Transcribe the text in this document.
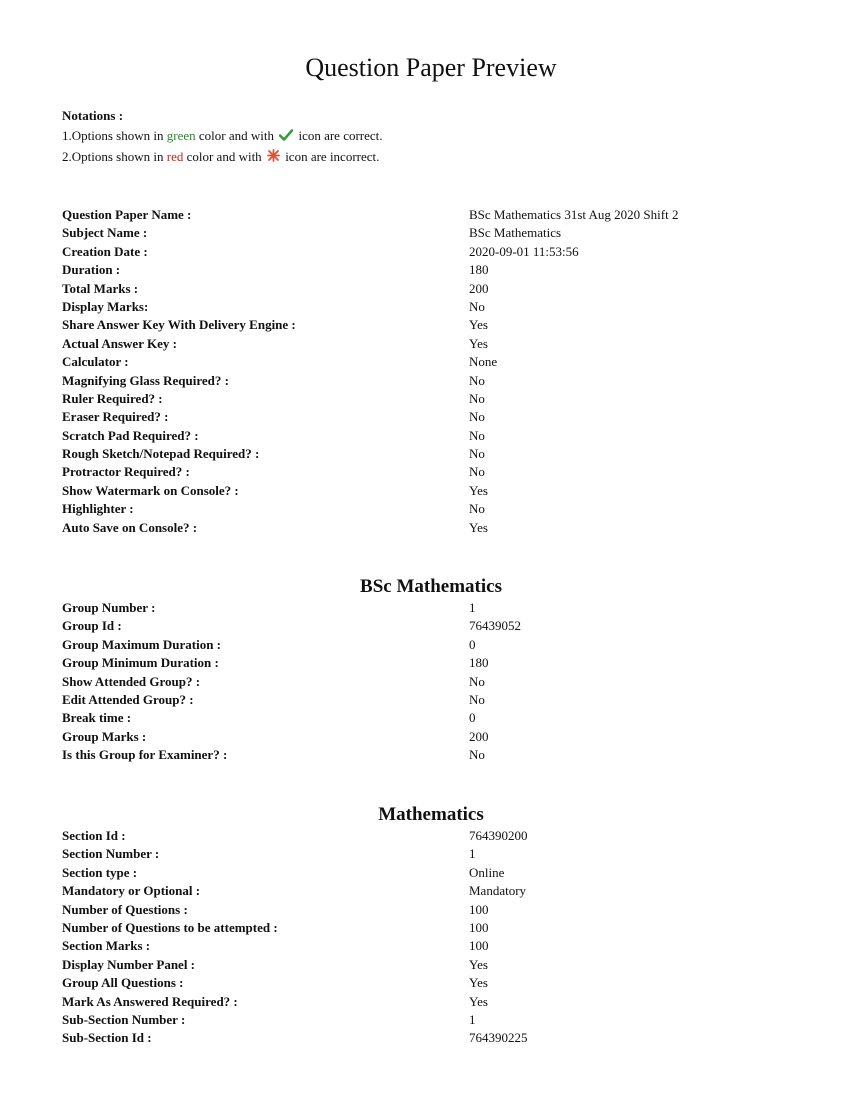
Question Paper Preview
Notations :
1.Options shown in green color and with icon are correct.
2.Options shown in red color and with icon are incorrect.
Question Paper Name :	BSc Mathematics 31st Aug 2020 Shift 2
Subject Name :	BSc Mathematics
Creation Date :	2020-09-01 11:53:56
Duration :	180
Total Marks :	200
Display Marks:	No
Share Answer Key With Delivery Engine :	Yes
Actual Answer Key :	Yes
Calculator :	None
Magnifying Glass Required? :	No
Ruler Required? :	No
Eraser Required? :	No
Scratch Pad Required? :	No
Rough Sketch/Notepad Required? :	No
Protractor Required? :	No
Show Watermark on Console? :	Yes
Highlighter :	No
Auto Save on Console? :	Yes
BSc Mathematics
Group Number :	1
Group Id :	76439052
Group Maximum Duration :	0
Group Minimum Duration :	180
Show Attended Group? :	No
Edit Attended Group? :	No
Break time :	0
Group Marks :	200
Is this Group for Examiner? :	No
Mathematics
Section Id :	764390200
Section Number :	1
Section type :	Online
Mandatory or Optional :	Mandatory
Number of Questions :	100
Number of Questions to be attempted :	100
Section Marks :	100
Display Number Panel :	Yes
Group All Questions :	Yes
Mark As Answered Required? :	Yes
Sub-Section Number :	1
Sub-Section Id :	764390225
